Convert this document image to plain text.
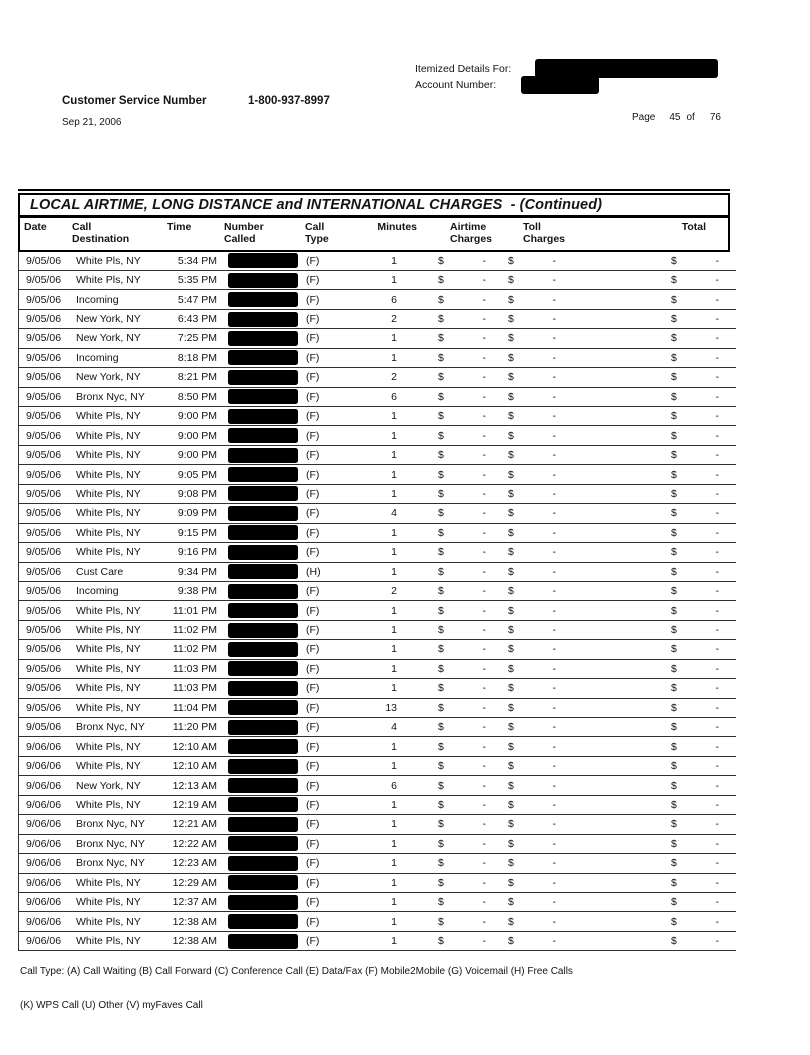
Itemized Details For:
Account Number:
Customer Service Number	1-800-937-8997
Sep 21, 2006	Page 45 of 76
LOCAL AIRTIME, LONG DISTANCE and INTERNATIONAL CHARGES  - (Continued)
Date	Call
Destination
Time	Number
Called
Call
Type
Minutes	Airtime
Charges
Toll
Charges
Total
9/05/06	White Pls, NY	5:34 PM	(F)	1	$	- $	-	$	-
9/05/06	White Pls, NY	5:35 PM	(F)	1	$	- $	-	$	-
9/05/06	Incoming	5:47 PM	(F)	6	$	- $	-	$	-
9/05/06	New York, NY	6:43 PM	(F)	2	$	- $	-	$	-
9/05/06	New York, NY	7:25 PM	(F)	1	$	- $	-	$	-
9/05/06	Incoming	8:18 PM	(F)	1	$	- $	-	$	-
9/05/06	New York, NY	8:21 PM	(F)	2	$	- $	-	$	-
9/05/06	Bronx Nyc, NY	8:50 PM	(F)	6	$	- $	-	$	-
9/05/06	White Pls, NY	9:00 PM	(F)	1	$	- $	-	$	-
9/05/06	White Pls, NY	9:00 PM	(F)	1	$	- $	-	$	-
9/05/06	White Pls, NY	9:00 PM	(F)	1	$	- $	-	$	-
9/05/06	White Pls, NY	9:05 PM	(F)	1	$	- $	-	$	-
9/05/06	White Pls, NY	9:08 PM	(F)	1	$	- $	-	$	-
9/05/06	White Pls, NY	9:09 PM	(F)	4	$	- $	-	$	-
9/05/06	White Pls, NY	9:15 PM	(F)	1	$	- $	-	$	-
9/05/06	White Pls, NY	9:16 PM	(F)	1	$	- $	-	$	-
9/05/06	Cust Care	9:34 PM	(H)	1	$	- $	-	$	-
9/05/06	Incoming	9:38 PM	(F)	2	$	- $	-	$	-
9/05/06	White Pls, NY	11:01 PM	(F)	1	$	- $	-	$	-
9/05/06	White Pls, NY	11:02 PM	(F)	1	$	- $	-	$	-
9/05/06	White Pls, NY	11:02 PM	(F)	1	$	- $	-	$	-
9/05/06	White Pls, NY	11:03 PM	(F)	1	$	- $	-	$	-
9/05/06	White Pls, NY	11:03 PM	(F)	1	$	- $	-	$	-
9/05/06	White Pls, NY	11:04 PM	(F)	13	$	- $	-	$	-
9/05/06	Bronx Nyc, NY	11:20 PM	(F)	4	$	- $	-	$	-
9/06/06	White Pls, NY	12:10 AM	(F)	1	$	- $	-	$	-
9/06/06	White Pls, NY	12:10 AM	(F)	1	$	- $	-	$	-
9/06/06	New York, NY	12:13 AM	(F)	6	$	- $	-	$	-
9/06/06	White Pls, NY	12:19 AM	(F)	1	$	- $	-	$	-
9/06/06	Bronx Nyc, NY	12:21 AM	(F)	1	$	- $	-	$	-
9/06/06	Bronx Nyc, NY	12:22 AM	(F)	1	$	- $	-	$	-
9/06/06	Bronx Nyc, NY	12:23 AM	(F)	1	$	- $	-	$	-
9/06/06	White Pls, NY	12:29 AM	(F)	1	$	- $	-	$	-
9/06/06	White Pls, NY	12:37 AM	(F)	1	$	- $	-	$	-
9/06/06	White Pls, NY	12:38 AM	(F)	1	$	- $	-	$	-
9/06/06	White Pls, NY	12:38 AM	(F)	1	$	- $	-	$	-
Call Type: (A) Call Waiting (B) Call Forward (C) Conference Call (E) Data/Fax (F) Mobile2Mobile (G) Voicemail (H) Free Calls
(K) WPS Call (U) Other (V) myFaves Call
